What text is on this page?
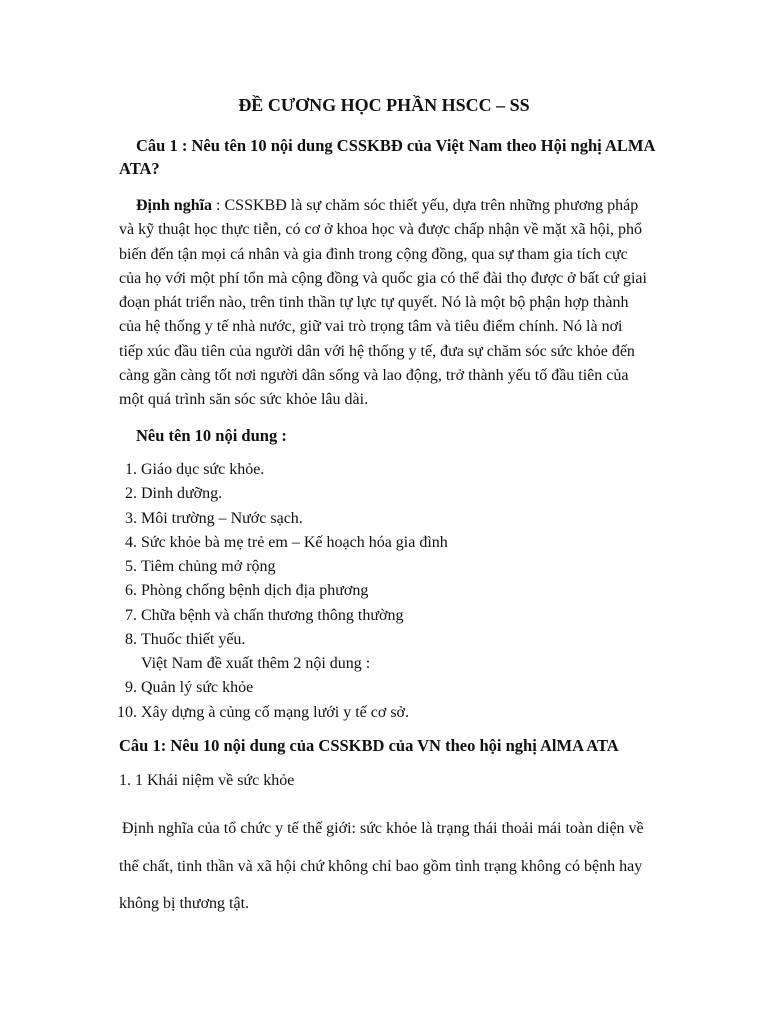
ĐỀ CƯƠNG HỌC PHẦN HSCC – SS

Câu 1 : Nêu tên 10 nội dung CSSKBĐ của Việt Nam theo Hội nghị ALMA ATA?

Định nghĩa : CSSKBĐ là sự chăm sóc thiết yếu, dựa trên những phương pháp và kỹ thuật học thực tiễn, có cơ ở khoa học và được chấp nhận về mặt xã hội, phổ biến đến tận mọi cá nhân và gia đình trong cộng đồng, qua sự tham gia tích cực của họ với một phí tổn mà cộng đồng và quốc gia có thể đài thọ được ở bất cứ giai đoạn phát triển nào, trên tinh thần tự lực tự quyết. Nó là một bộ phận hợp thành của hệ thống y tế nhà nước, giữ vai trò trọng tâm và tiêu điểm chính. Nó là nơi tiếp xúc đầu tiên của người dân với hệ thống y tế, đưa sự chăm sóc sức khỏe đến càng gần càng tốt nơi người dân sống và lao động, trở thành yếu tố đầu tiên của một quá trình săn sóc sức khỏe lâu dài.

Nêu tên 10 nội dung :

1. Giáo dục sức khỏe.
2. Dinh dưỡng.
3. Môi trường – Nước sạch.
4. Sức khỏe bà mẹ trẻ em – Kế hoạch hóa gia đình
5. Tiêm chủng mở rộng
6. Phòng chống bệnh dịch địa phương
7. Chữa bệnh và chấn thương thông thường
8. Thuốc thiết yếu.
Việt Nam đề xuất thêm 2 nội dung :
9. Quản lý sức khỏe
10. Xây dựng à củng cố mạng lưới y tế cơ sở.

Câu 1: Nêu 10 nội dung của CSSKBD của VN theo hội nghị AlMA ATA

1. 1 Khái niệm về sức khỏe

Định nghĩa của tổ chức y tế thế giới: sức khỏe là trạng thái thoải mái toàn diện về thể chất, tinh thần và xã hội chứ không chỉ bao gồm tình trạng không có bệnh hay không bị thương tật.
